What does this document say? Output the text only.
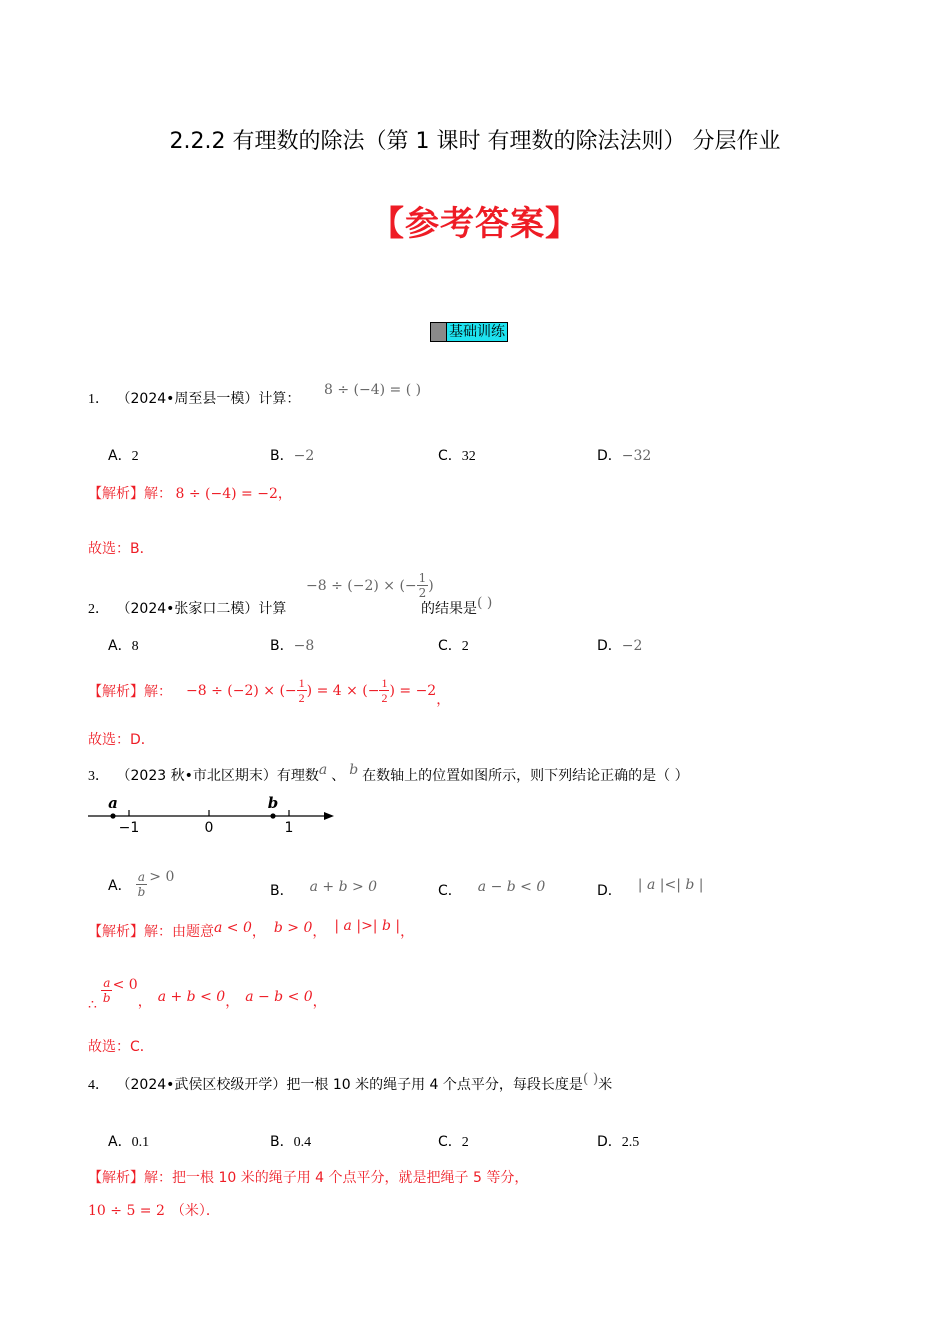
2.2.2 有理数的除法（第 1 课时 有理数的除法法则） 分层作业
【参考答案】
基础训练
1． （2024•周至县一模）计算：
8 ÷ (−4) = ( )
A．2	B．−2	C．32	D．−32
【解析】解： 8 ÷ (−4) = −2，
故选：B．
2． （2024•张家口二模）计算
−8 ÷ (−2) × (− $\frac{1}{2}$ )
的结果是( )
A．8	B．−8	C．2	D．−2
【解析】 解： −8 ÷ (−2) × (− $\frac{1}{2}$ ) = 4 × (− $\frac{1}{2}$ ) = −2
，
故选：D．
3． （2023 秋•市北区期末）有理数a 、 b 在数轴上的位置如图所示，则下列结论正确的是（ ）
−1	0	1
a	b
A． $\frac{a}{b} > 0$
B． a + b > 0	C． a − b < 0	D． | a |<| b |
【解析】解：由题意a < 0， b > 0， | a |>| b |，
∴ $\frac{a}{b} < 0$
， a + b < 0 ， a − b < 0 ，
故选：C．
4． （2024•武侯区校级开学）把一根 10 米的绳子用 4 个点平分，每段长度是( )米
A．0.1	B．0.4	C．2	D．2.5
【解析】解：把一根 10 米的绳子用 4 个点平分，就是把绳子 5 等分，
10 ÷ 5 = 2 （米）．
